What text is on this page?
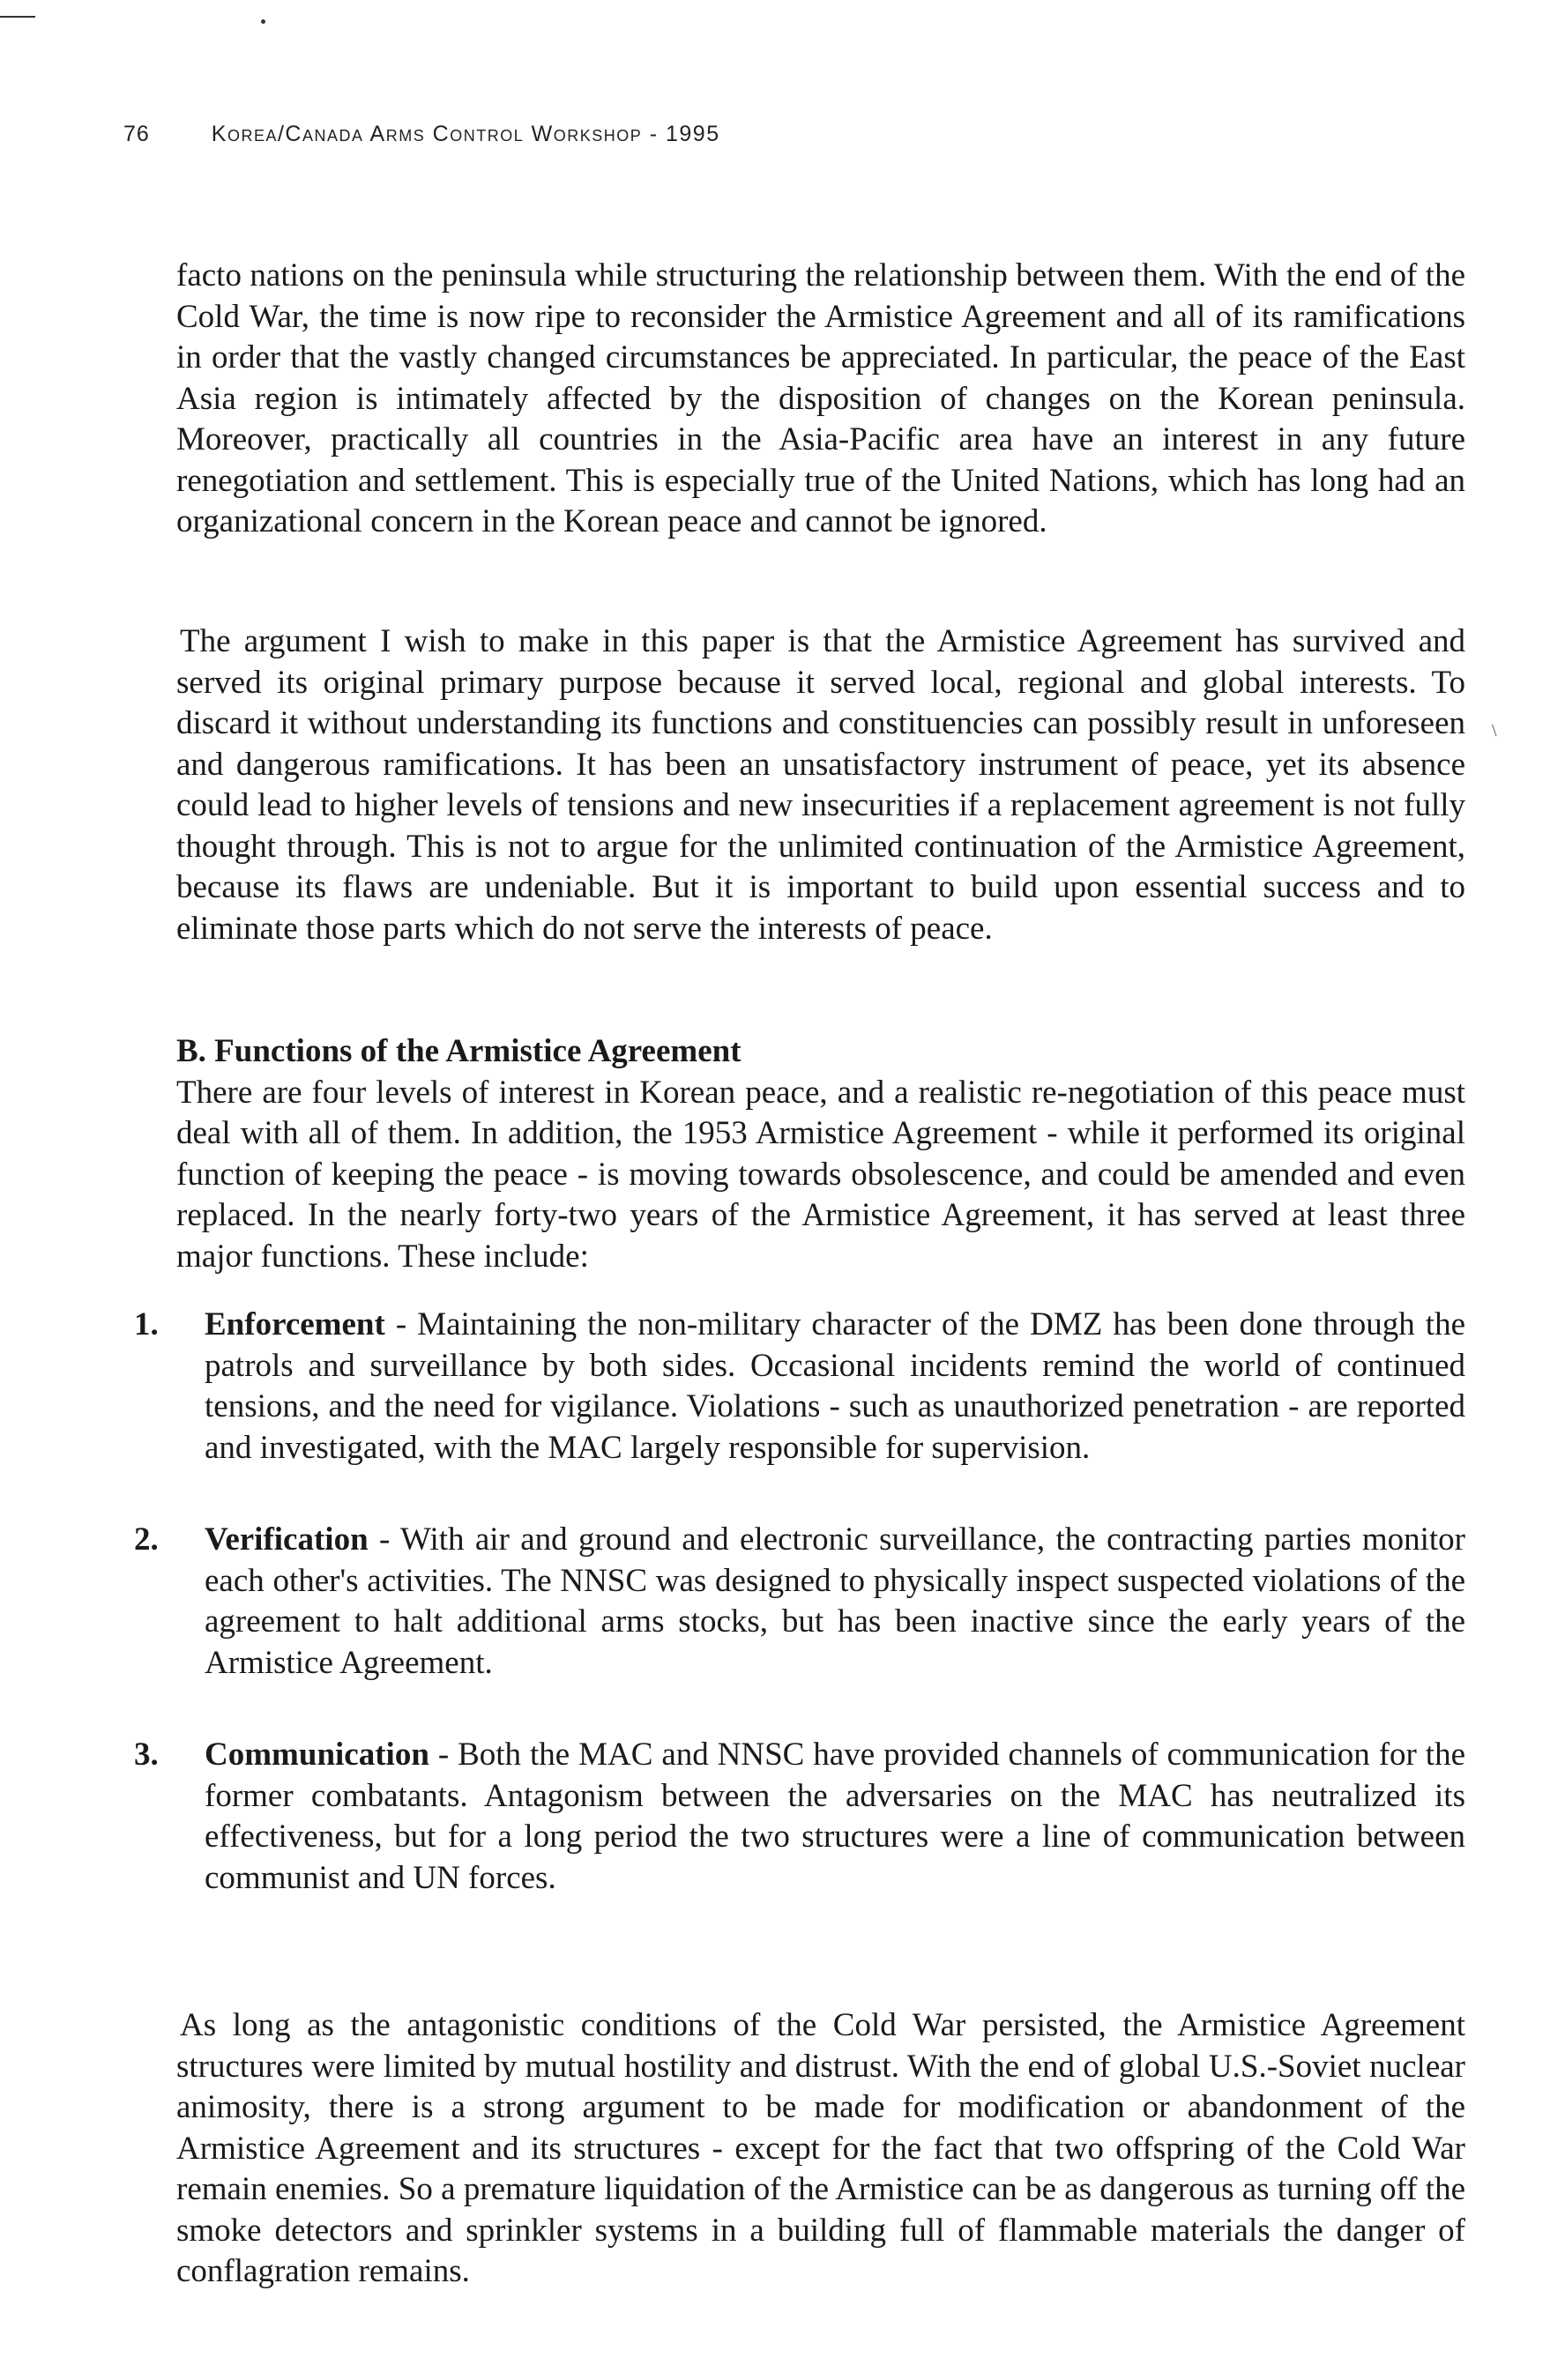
76	Korea/Canada Arms Control Workshop - 1995

facto nations on the peninsula while structuring the relationship between them. With the end of the Cold War, the time is now ripe to reconsider the Armistice Agreement and all of its ramifications in order that the vastly changed circumstances be appreciated. In particular, the peace of the East Asia region is intimately affected by the disposition of changes on the Korean peninsula. Moreover, practically all countries in the Asia-Pacific area have an interest in any future renegotiation and settlement. This is especially true of the United Nations, which has long had an organizational concern in the Korean peace and cannot be ignored.

The argument I wish to make in this paper is that the Armistice Agreement has survived and served its original primary purpose because it served local, regional and global interests. To discard it without understanding its functions and constituencies can possibly result in unforeseen and dangerous ramifications. It has been an unsatisfactory instrument of peace, yet its absence could lead to higher levels of tensions and new insecurities if a replacement agreement is not fully thought through. This is not to argue for the unlimited continuation of the Armistice Agreement, because its flaws are undeniable. But it is important to build upon essential success and to eliminate those parts which do not serve the interests of peace.

\
B. Functions of the Armistice Agreement

There are four levels of interest in Korean peace, and a realistic re-negotiation of this peace must deal with all of them. In addition, the 1953 Armistice Agreement - while it performed its original function of keeping the peace - is moving towards obsolescence, and could be amended and even replaced. In the nearly forty-two years of the Armistice Agreement, it has served at least three major functions. These include:

1. Enforcement - Maintaining the non-military character of the DMZ has been done through the patrols and surveillance by both sides. Occasional incidents remind the world of continued tensions, and the need for vigilance. Violations - such as unauthorized penetration - are reported and investigated, with the MAC largely responsible for supervision.
2. Verification - With air and ground and electronic surveillance, the contracting parties monitor each other's activities. The NNSC was designed to physically inspect suspected violations of the agreement to halt additional arms stocks, but has been inactive since the early years of the Armistice Agreement.
3. Communication - Both the MAC and NNSC have provided channels of communication for the former combatants. Antagonism between the adversaries on the MAC has neutralized its effectiveness, but for a long period the two structures were a line of communication between communist and UN forces.

As long as the antagonistic conditions of the Cold War persisted, the Armistice Agreement structures were limited by mutual hostility and distrust. With the end of global U.S.-Soviet nuclear animosity, there is a strong argument to be made for modification or abandonment of the Armistice Agreement and its structures - except for the fact that two offspring of the Cold War remain enemies. So a premature liquidation of the Armistice can be as dangerous as turning off the smoke detectors and sprinkler systems in a building full of flammable materials the danger of conflagration remains.
